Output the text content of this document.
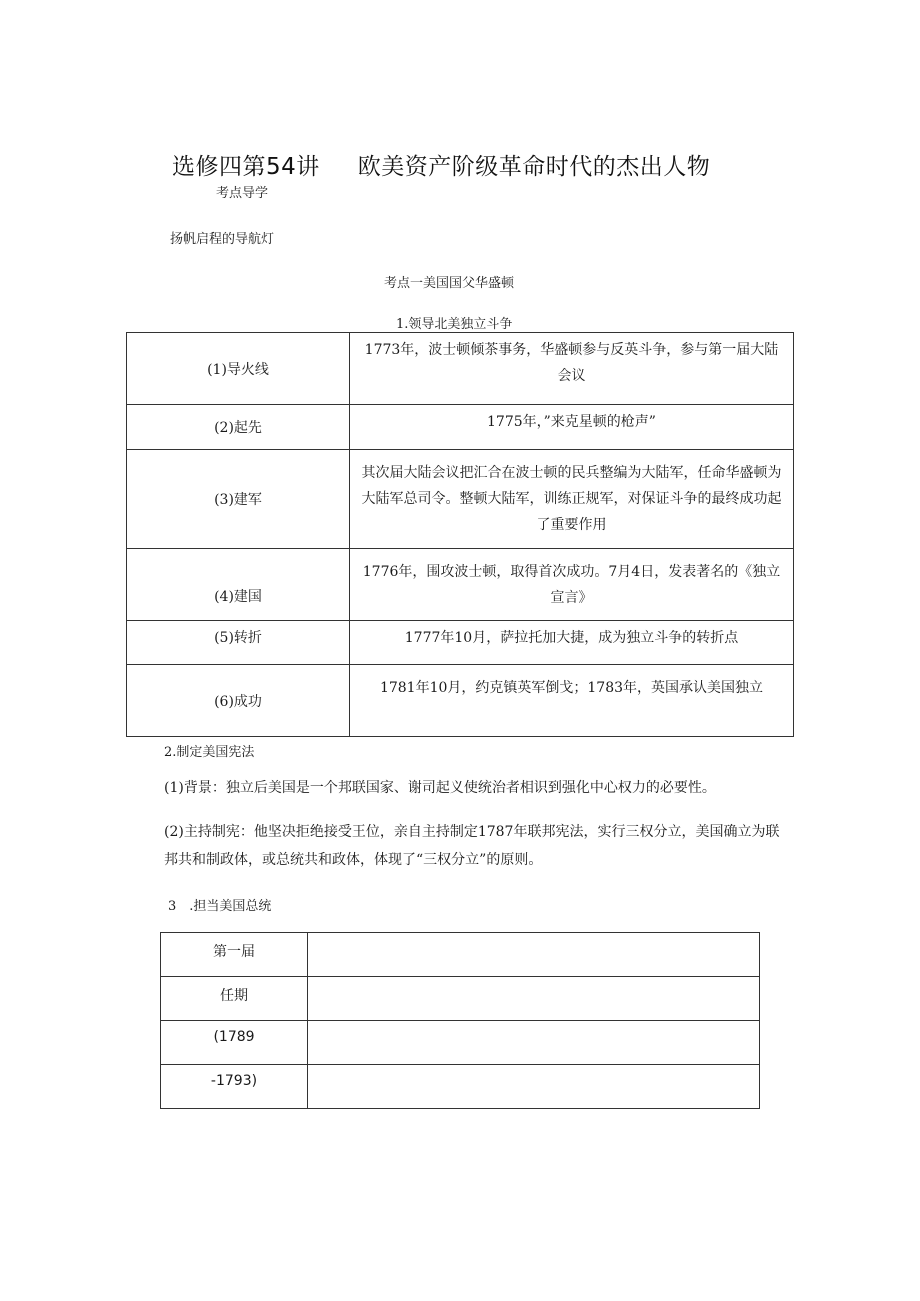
选修四第54讲 欧美资产阶级革命时代的杰出人物
考点导学
扬帆启程的导航灯
考点一美国国父华盛顿
1.领导北美独立斗争
(1)导火线	1773年，波士顿倾茶事务，华盛顿参与反英斗争，参与第一届大陆会议
(2)起先	1775年，”来克星顿的枪声”
(3)建军	其次届大陆会议把汇合在波士顿的民兵整编为大陆军，任命华盛顿为大陆军总司令。整顿大陆军，训练正规军，对保证斗争的最终成功起了重要作用
(4)建国	1776年，围攻波士顿，取得首次成功。7月4日，发表著名的《独立宣言》
(5)转折	1777年10月，萨拉托加大捷，成为独立斗争的转折点
(6)成功	1781年10月，约克镇英军倒戈；1783年，英国承认美国独立
2.制定美国宪法
(1)背景：独立后美国是一个邦联国家、谢司起义使统治者相识到强化中心权力的必要性。
(2)主持制宪：他坚决拒绝接受王位，亲自主持制定1787年联邦宪法，实行三权分立，美国确立为联邦共和制政体，或总统共和政体，体现了“三权分立”的原则。
3 .担当美国总统
第一届	
任期	
(1789	
-1793)	
